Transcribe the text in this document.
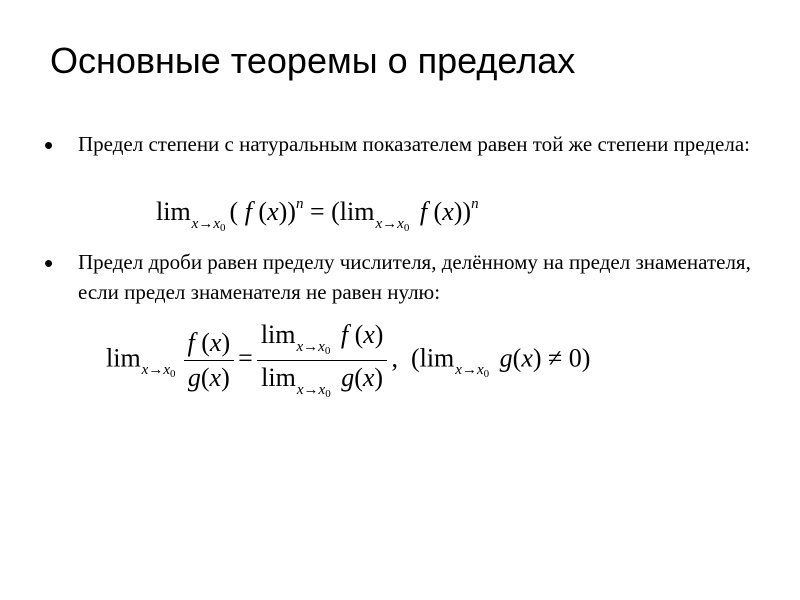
Основные теоремы о пределах
• Предел степени с натуральным показателем равен той же степени предела:
$\lim_{x\to x_0}$( f $(x))^n = (\lim_{x\to x_0}$ f (x))$^n$
• Предел дроби равен пределу числителя, делённому на предел знаменателя, если предел знаменателя не равен нулю:
$\lim_{x\to x_0} \frac{f (x)}{g(x)} = \frac{\lim_{x\to x_0} f (x)}{\lim_{x\to x_0} g(x)}$ ,  ($\lim_{x\to x_0}$ g(x) ≠ 0)
